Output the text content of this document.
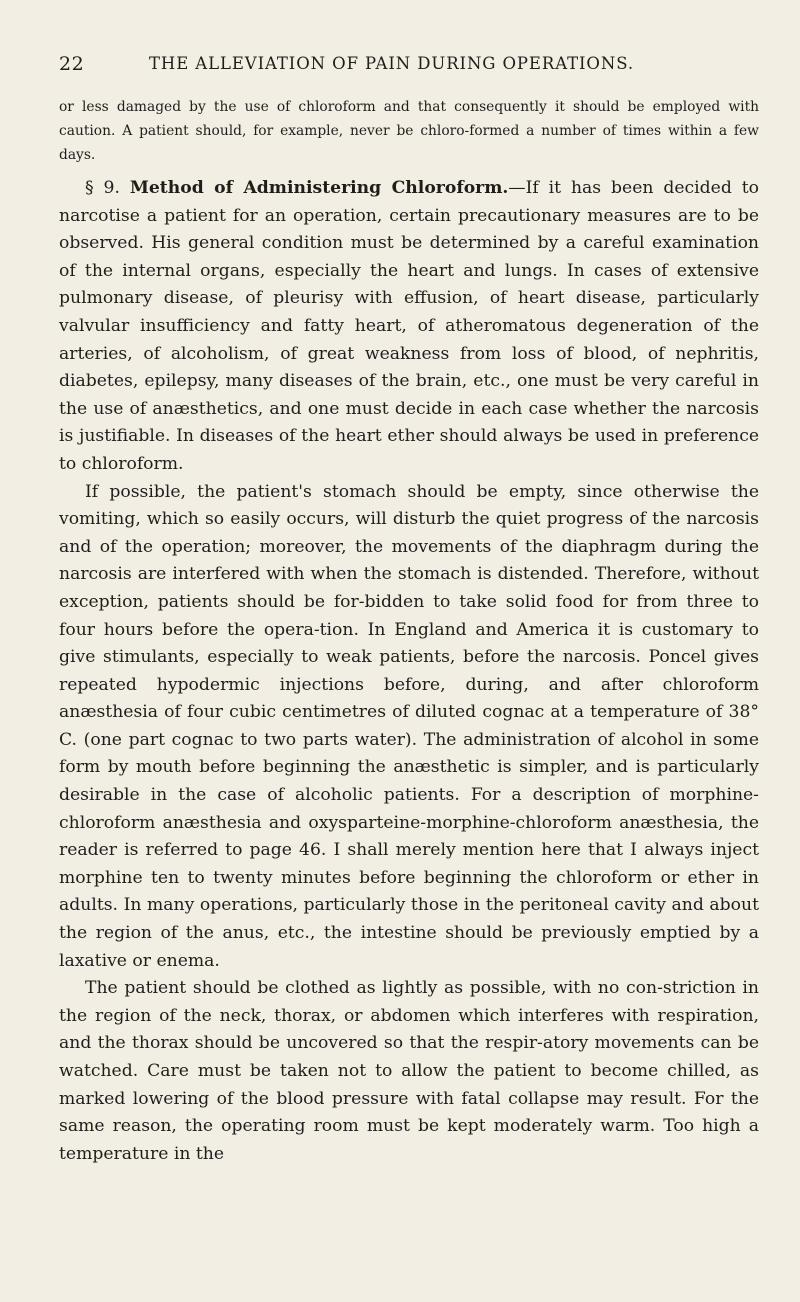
22	THE ALLEVIATION OF PAIN DURING OPERATIONS.

or less damaged by the use of chloroform and that consequently it should be employed with caution. A patient should, for example, never be chloro-formed a number of times within a few days.

§ 9. Method of Administering Chloroform.—If it has been decided to narcotise a patient for an operation, certain precautionary measures are to be observed. His general condition must be determined by a careful examination of the internal organs, especially the heart and lungs. In cases of extensive pulmonary disease, of pleurisy with effusion, of heart disease, particularly valvular insufficiency and fatty heart, of atheromatous degeneration of the arteries, of alcoholism, of great weakness from loss of blood, of nephritis, diabetes, epilepsy, many diseases of the brain, etc., one must be very careful in the use of anæsthetics, and one must decide in each case whether the narcosis is justifiable. In diseases of the heart ether should always be used in preference to chloroform.

If possible, the patient's stomach should be empty, since otherwise the vomiting, which so easily occurs, will disturb the quiet progress of the narcosis and of the operation; moreover, the movements of the diaphragm during the narcosis are interfered with when the stomach is distended. Therefore, without exception, patients should be for-bidden to take solid food for from three to four hours before the opera-tion. In England and America it is customary to give stimulants, especially to weak patients, before the narcosis. Poncel gives repeated hypodermic injections before, during, and after chloroform anæsthesia of four cubic centimetres of diluted cognac at a temperature of 38° C. (one part cognac to two parts water). The administration of alcohol in some form by mouth before beginning the anæsthetic is simpler, and is particularly desirable in the case of alcoholic patients. For a description of morphine-chloroform anæsthesia and oxysparteine-morphine-chloroform anæsthesia, the reader is referred to page 46. I shall merely mention here that I always inject morphine ten to twenty minutes before beginning the chloroform or ether in adults. In many operations, particularly those in the peritoneal cavity and about the region of the anus, etc., the intestine should be previously emptied by a laxative or enema.

The patient should be clothed as lightly as possible, with no con-striction in the region of the neck, thorax, or abdomen which interferes with respiration, and the thorax should be uncovered so that the respir-atory movements can be watched. Care must be taken not to allow the patient to become chilled, as marked lowering of the blood pressure with fatal collapse may result. For the same reason, the operating room must be kept moderately warm. Too high a temperature in the
